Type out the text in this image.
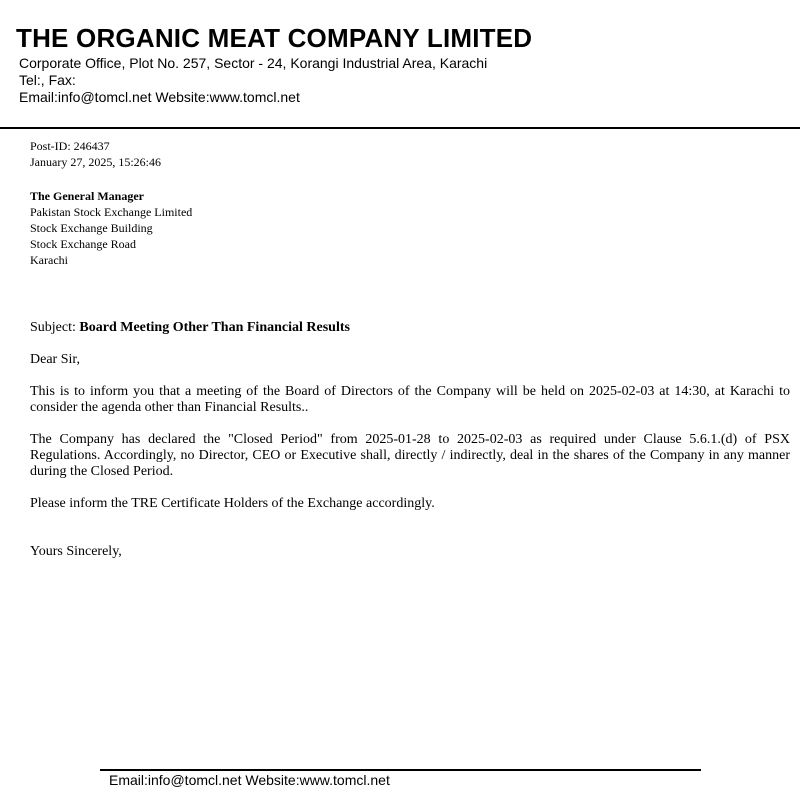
THE ORGANIC MEAT COMPANY LIMITED
Corporate Office, Plot No. 257, Sector - 24, Korangi Industrial Area, Karachi
Tel:, Fax:
Email:info@tomcl.net Website:www.tomcl.net
Post-ID: 246437
January 27, 2025, 15:26:46
The General Manager
Pakistan Stock Exchange Limited
Stock Exchange Building
Stock Exchange Road
Karachi
Subject: Board Meeting Other Than Financial Results
Dear Sir,

This is to inform you that a meeting of the Board of Directors of the Company will be held on 2025-02-03 at 14:30, at Karachi to consider the agenda other than Financial Results..

The Company has declared the "Closed Period" from 2025-01-28 to 2025-02-03 as required under Clause 5.6.1.(d) of PSX Regulations. Accordingly, no Director, CEO or Executive shall, directly / indirectly, deal in the shares of the Company in any manner during the Closed Period.

Please inform the TRE Certificate Holders of the Exchange accordingly.

Yours Sincerely,
Email:info@tomcl.net Website:www.tomcl.net
